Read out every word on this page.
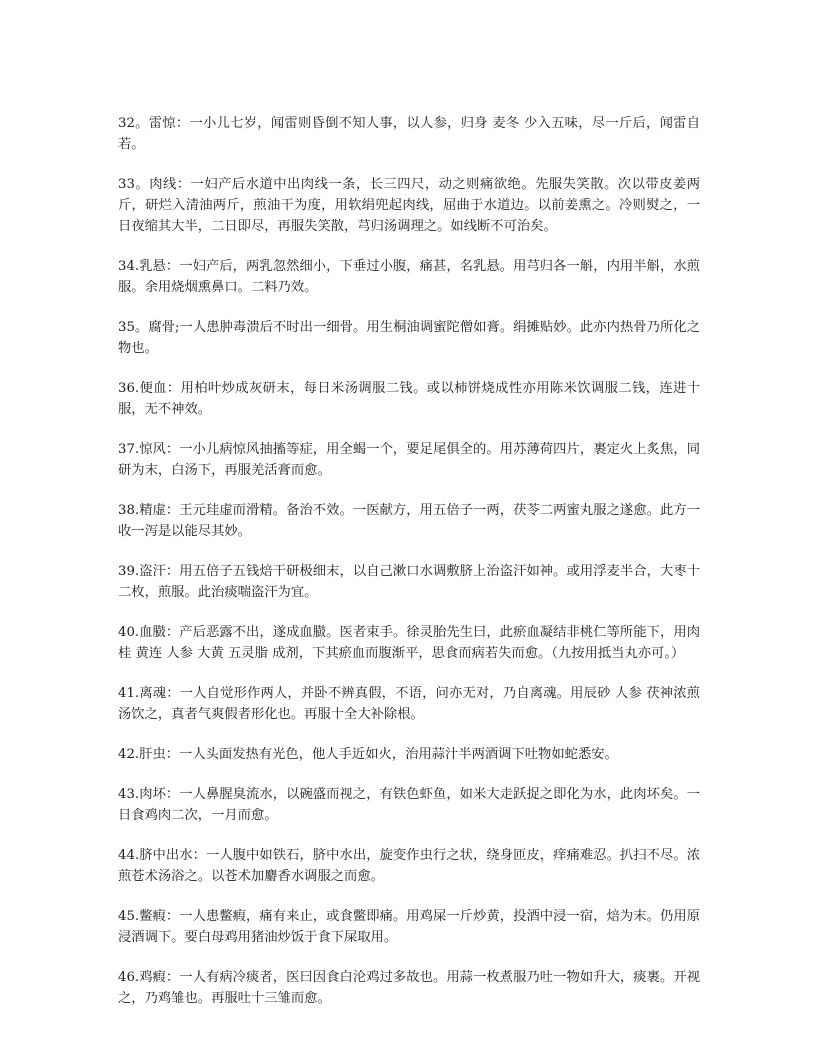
32。雷惊：一小儿七岁，闻雷则昏倒不知人事，以人参，归身 麦冬 少入五味，尽一斤后，闻雷自若。

33。肉线：一妇产后水道中出肉线一条，长三四尺，动之则痛欲绝。先服失笑散。次以带皮姜两斤，研烂入清油两斤，煎油干为度，用软绢兜起肉线，屈曲于水道边。以前姜熏之。冷则熨之，一日夜缩其大半，二日即尽，再服失笑散，芎归汤调理之。如线断不可治矣。

34.乳悬：一妇产后，两乳忽然细小，下垂过小腹，痛甚，名乳悬。用芎归各一斛，内用半斛，水煎服。余用烧烟熏鼻口。二料乃效。

35。腐骨;一人患肿毒溃后不时出一细骨。用生桐油调蜜陀僧如膏。绢摊贴妙。此亦内热骨乃所化之物也。

36.便血：用柏叶炒成灰研末，每日米汤调服二钱。或以柿饼烧成性亦用陈米饮调服二钱，连进十服，无不神效。

37.惊风：一小儿病惊风抽搐等症，用全蝎一个，要足尾俱全的。用苏薄荷四片，裹定火上炙焦，同研为末，白汤下，再服羌活膏而愈。

38.精虚：王元珪虚而滑精。备治不效。一医献方，用五倍子一两，茯苓二两蜜丸服之遂愈。此方一收一泻是以能尽其妙。

39.盗汗：用五倍子五钱焙干研极细末，以自己漱口水调敷脐上治盗汗如神。或用浮麦半合，大枣十二枚，煎服。此治痰喘盗汗为宜。

40.血臌：产后恶露不出，遂成血臌。医者束手。徐灵胎先生曰，此瘀血凝结非桃仁等所能下，用肉桂 黄连 人参 大黄 五灵脂 成剂，下其瘀血而腹渐平，思食而病若失而愈。（九按用抵当丸亦可。）

41.离魂：一人自觉形作两人，并卧不辨真假，不语，问亦无对，乃自离魂。用辰砂 人参 茯神浓煎汤饮之，真者气爽假者形化也。再服十全大补除根。

42.肝虫：一人头面发热有光色，他人手近如火，治用蒜汁半两酒调下吐物如蛇悉安。

43.肉坏：一人鼻腥臭流水，以碗盛而视之，有铁色虾鱼，如米大走跃捉之即化为水，此肉坏矣。一日食鸡肉二次，一月而愈。

44.脐中出水：一人腹中如铁石，脐中水出，旋变作虫行之状，绕身匝皮，痒痛难忍。扒扫不尽。浓煎苍术汤浴之。以苍术加麝香水调服之而愈。

45.鳖瘕：一人患鳖瘕，痛有来止，或食鳖即痛。用鸡屎一斤炒黄，投酒中浸一宿，焙为末。仍用原浸酒调下。要白母鸡用猪油炒饭于食下屎取用。

46.鸡瘕：一人有病冷痰者，医曰因食白沦鸡过多故也。用蒜一枚煮服乃吐一物如升大，痰裹。开视之，乃鸡雏也。再服吐十三雏而愈。
